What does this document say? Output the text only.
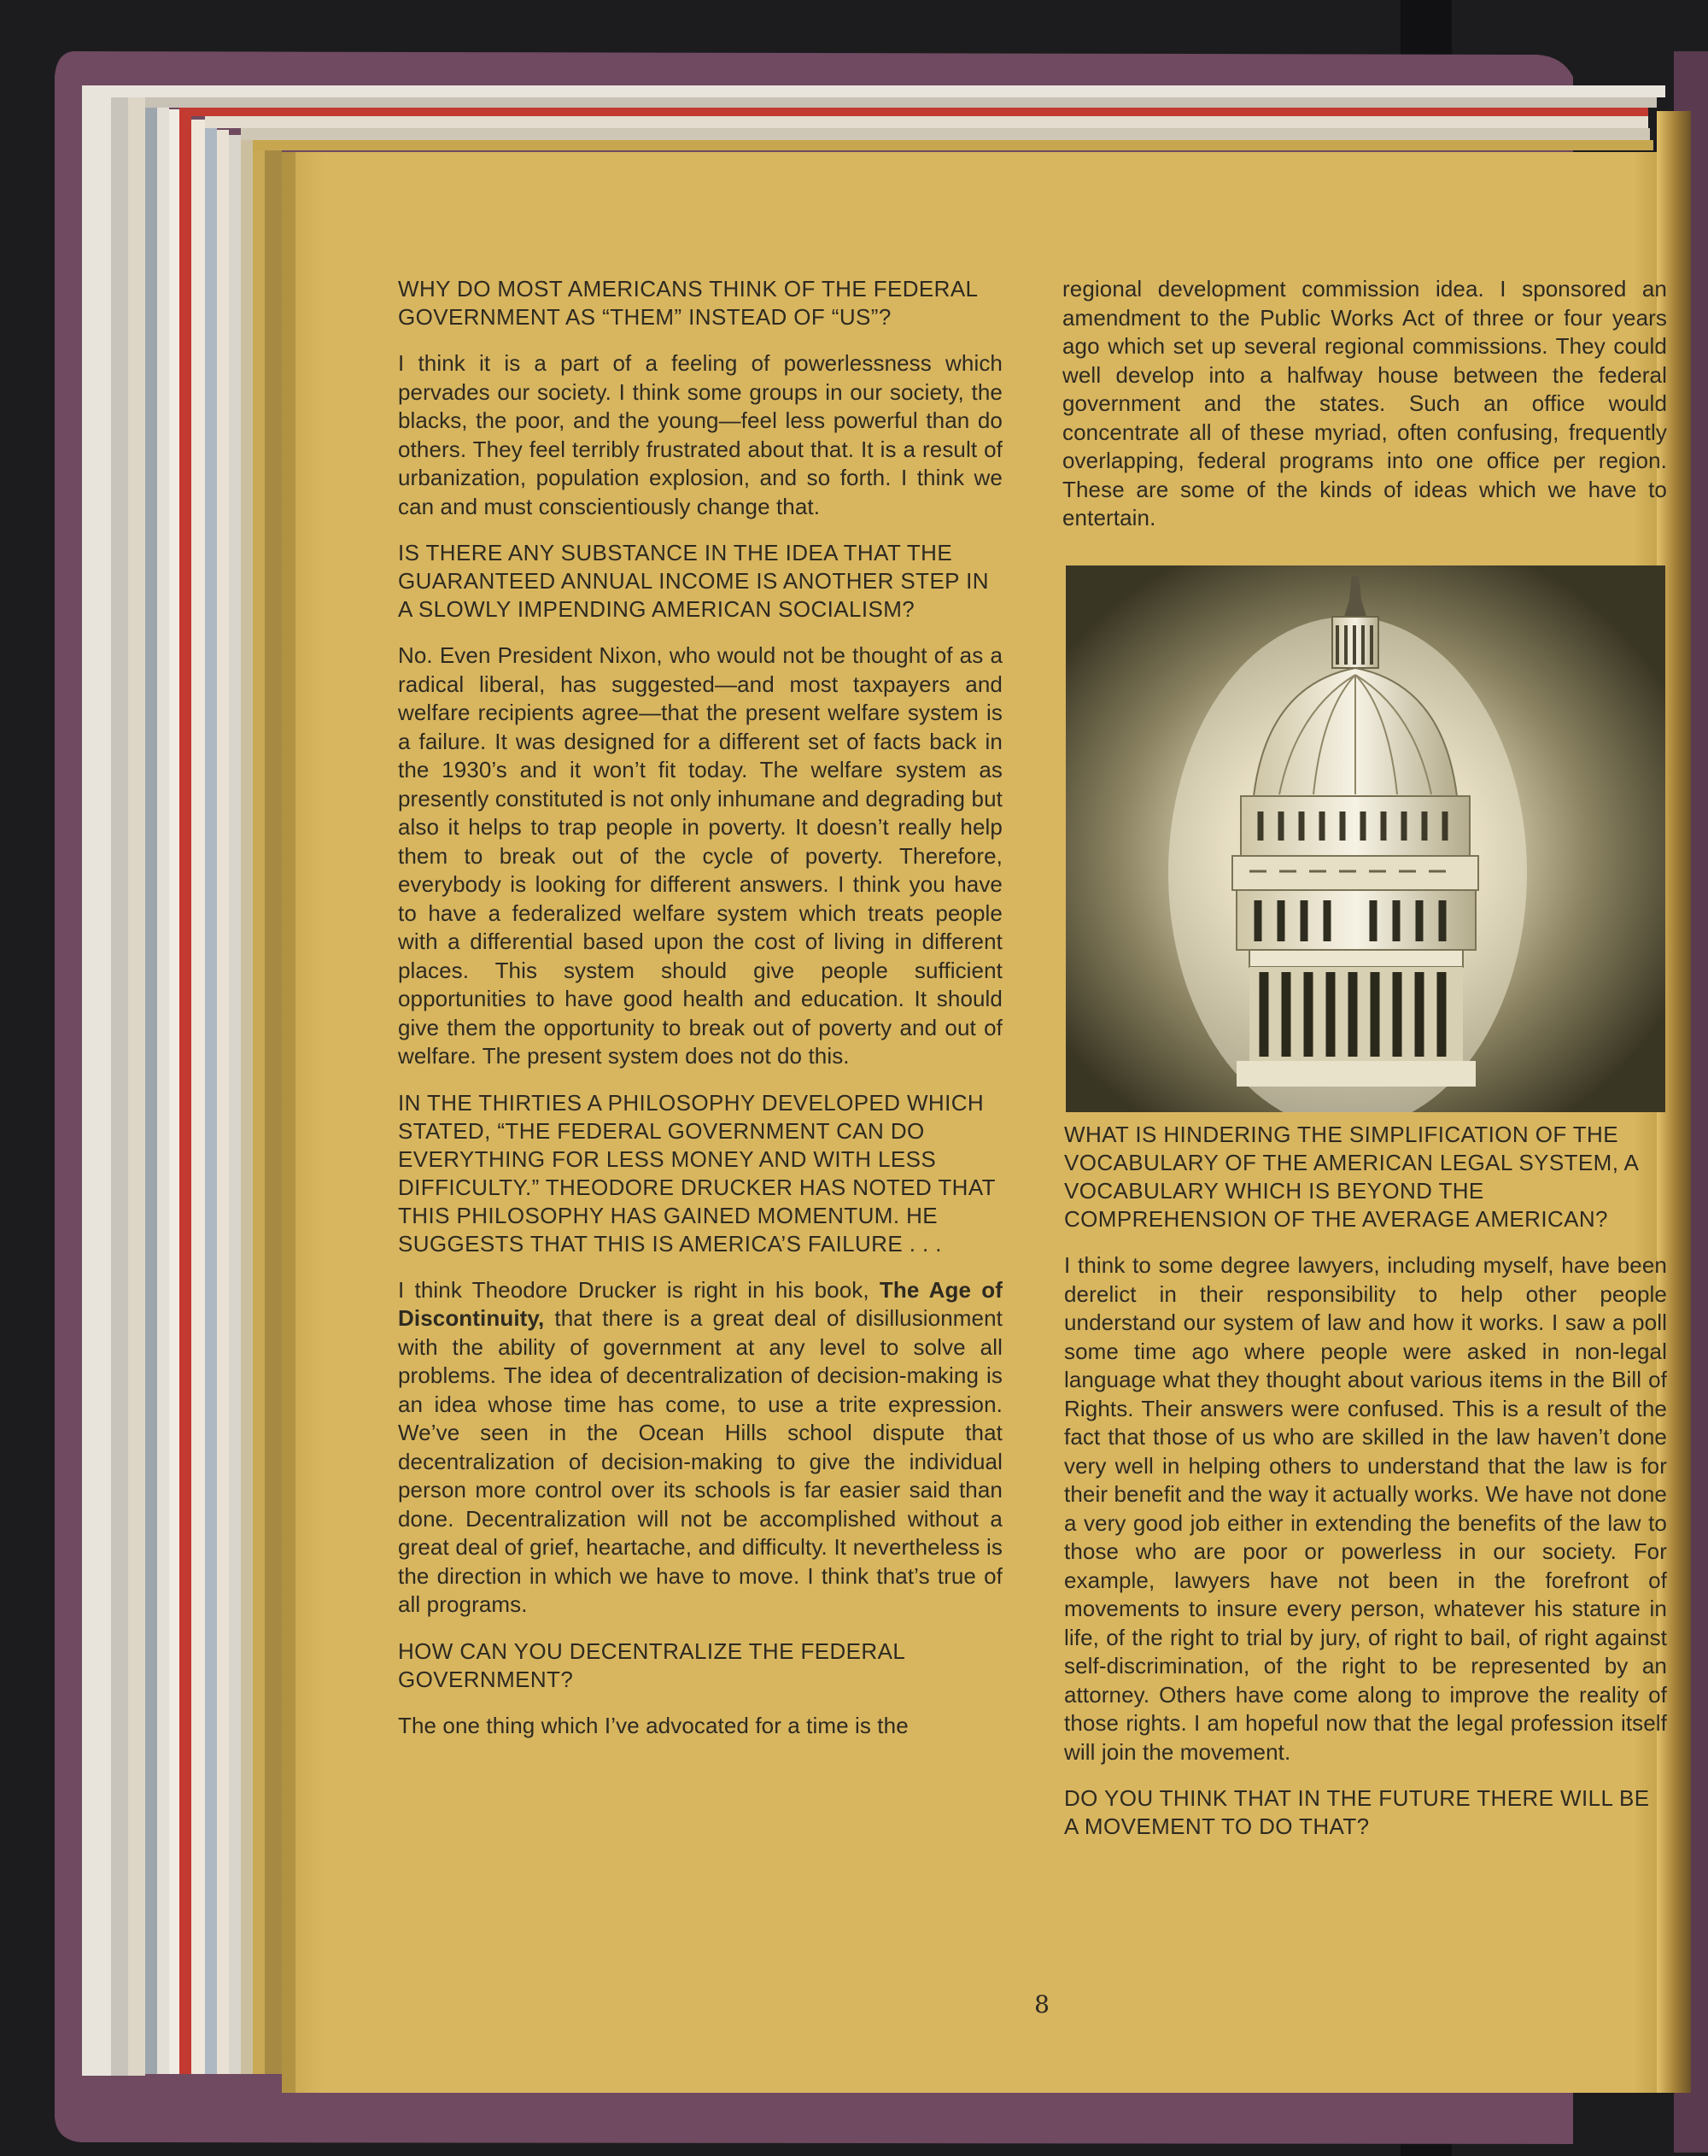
WHY DO MOST AMERICANS THINK OF THE FEDERAL GOVERNMENT AS “THEM” INSTEAD OF “US”?

I think it is a part of a feeling of powerlessness which pervades our society. I think some groups in our society, the blacks, the poor, and the young—feel less powerful than do others. They feel terribly frustrated about that. It is a result of urbanization, population explosion, and so forth. I think we can and must conscientiously change that.

IS THERE ANY SUBSTANCE IN THE IDEA THAT THE GUARANTEED ANNUAL INCOME IS ANOTHER STEP IN A SLOWLY IMPENDING AMERICAN SOCIALISM?

No. Even President Nixon, who would not be thought of as a radical liberal, has suggested—and most taxpayers and welfare recipients agree—that the present welfare system is a failure. It was designed for a different set of facts back in the 1930’s and it won’t fit today. The welfare system as presently constituted is not only inhumane and degrading but also it helps to trap people in poverty. It doesn’t really help them to break out of the cycle of poverty. Therefore, everybody is looking for different answers. I think you have to have a federalized welfare system which treats people with a differential based upon the cost of living in different places. This system should give people sufficient opportunities to have good health and education. It should give them the opportunity to break out of poverty and out of welfare. The present system does not do this.

IN THE THIRTIES A PHILOSOPHY DEVELOPED WHICH STATED, “THE FEDERAL GOVERNMENT CAN DO EVERYTHING FOR LESS MONEY AND WITH LESS DIFFICULTY.” THEODORE DRUCKER HAS NOTED THAT THIS PHILOSOPHY HAS GAINED MOMENTUM. HE SUGGESTS THAT THIS IS AMERICA’S FAILURE . . .

I think Theodore Drucker is right in his book, The Age of Discontinuity, that there is a great deal of disillusionment with the ability of government at any level to solve all problems. The idea of decentralization of decision-making is an idea whose time has come, to use a trite expression. We’ve seen in the Ocean Hills school dispute that decentralization of decision-making to give the individual person more control over its schools is far easier said than done. Decentralization will not be accomplished without a great deal of grief, heartache, and difficulty. It nevertheless is the direction in which we have to move. I think that’s true of all programs.

HOW CAN YOU DECENTRALIZE THE FEDERAL GOVERNMENT?

The one thing which I’ve advocated for a time is the

regional development commission idea. I sponsored an amendment to the Public Works Act of three or four years ago which set up several regional commissions. They could well develop into a halfway house between the federal government and the states. Such an office would concentrate all of these myriad, often confusing, frequently overlapping, federal programs into one office per region. These are some of the kinds of ideas which we have to entertain.

WHAT IS HINDERING THE SIMPLIFICATION OF THE VOCABULARY OF THE AMERICAN LEGAL SYSTEM, A VOCABULARY WHICH IS BEYOND THE COMPREHENSION OF THE AVERAGE AMERICAN?

I think to some degree lawyers, including myself, have been derelict in their responsibility to help other people understand our system of law and how it works. I saw a poll some time ago where people were asked in non-legal language what they thought about various items in the Bill of Rights. Their answers were confused. This is a result of the fact that those of us who are skilled in the law haven’t done very well in helping others to understand that the law is for their benefit and the way it actually works. We have not done a very good job either in extending the benefits of the law to those who are poor or powerless in our society. For example, lawyers have not been in the forefront of movements to insure every person, whatever his stature in life, of the right to trial by jury, of right to bail, of right against self-discrimination, of the right to be represented by an attorney. Others have come along to improve the reality of those rights. I am hopeful now that the legal profession itself will join the movement.

DO YOU THINK THAT IN THE FUTURE THERE WILL BE A MOVEMENT TO DO THAT?

8
